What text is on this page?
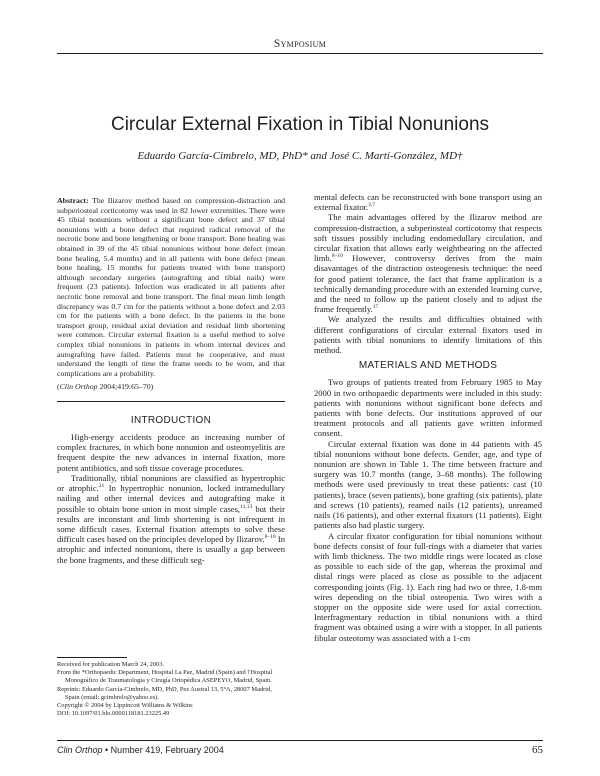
Symposium
Circular External Fixation in Tibial Nonunions
Eduardo García-Cimbrelo, MD, PhD* and José C. Martí-González, MD†

Abstract: The Ilizarov method based on compression-distraction and subperiosteal corticotomy was used in 82 lower extremities. There were 45 tibial nonunions without a significant bone defect and 37 tibial nonunions with a bone defect that required radical removal of the necrotic bone and bone lengthening or bone transport. Bone healing was obtained in 39 of the 45 tibial nonunions without bone defect (mean bone healing, 5.4 months) and in all patients with bone defect (mean bone healing, 15 months for patients treated with bone transport) although secondary surgeries (autografting and tibial nails) were frequent (23 patients). Infection was eradicated in all patients after necrotic bone removal and bone transport. The final mean limb length discrepancy was 0.7 cm for the patients without a bone defect and 2.03 cm for the patients with a bone defect. In the patients in the bone transport group, residual axial deviation and residual limb shortening were common. Circular external fixation is a useful method to solve complex tibial nonunions in patients in whom internal devices and autografting have failed. Patients must be cooperative, and must understand the length of time the frame needs to be worn, and that complications are a probability.

(Clin Orthop 2004;419:65–70)

INTRODUCTION

High-energy accidents produce an increasing number of complex fractures, in which bone nonunion and osteomyelitis are frequent despite the new advances in internal fixation, more potent antibiotics, and soft tissue coverage procedures.

Traditionally, tibial nonunions are classified as hypertrophic or atrophic.$^{21}$ In hypertrophic nonunion, locked intramedullary nailing and other internal devices and autografting make it possible to obtain bone union in most simple cases,$^{11,13}$ but their results are inconstant and limb shortening is not infrequent in some difficult cases. External fixation attempts to solve these difficult cases based on the principles developed by Ilizarov.$^{8-10}$ In atrophic and infected nonunions, there is usually a gap between the bone fragments, and these difficult seg-

mental defects can be reconstructed with bone transport using an external fixator.$^{3,7}$

The main advantages offered by the Ilizarov method are compression-distraction, a subperiosteal corticotomy that respects soft tissues possibly including endomedullary circulation, and circular fixation that allows early weightbearing on the affected limb.$^{8-10}$ However, controversy derives from the main disavantages of the distraction osteogenesis technique: the need for good patient tolerance, the fact that frame application is a technically demanding procedure with an extended learning curve, and the need to follow up the patient closely and to adjust the frame frequently.$^{17}$

We analyzed the results and difficulties obtained with different configurations of circular external fixators used in patients with tibial nonunions to identify limitations of this method.

MATERIALS AND METHODS

Two groups of patients treated from February 1985 to May 2000 in two orthopaedic departments were included in this study: patients with nonunions without significant bone defects and patients with bone defects. Our institutions approved of our treatment protocols and all patients gave written informed consent.

Circular external fixation was done in 44 patients with 45 tibial nonunions without bone defects. Gender, age, and type of nonunion are shown in Table 1. The time between fracture and surgery was 10.7 months (range, 3–68 months). The following methods were used previously to treat these patients: cast (10 patients), brace (seven patients), bone grafting (six patients), plate and screws (10 patients), reamed nails (12 patients), unreamed nails (16 patients), and other external fixators (11 patients). Eight patients also had plastic surgery.

A circular fixator configuration for tibial nonunions without bone defects consist of four full-rings with a diameter that varies with limb thickness. The two middle rings were located as close as possible to each side of the gap, whereas the proximal and distal rings were placed as close as possible to the adjacent corresponding joints (Fig. 1). Each ring had two or three, 1.8-mm wires depending on the tibial osteopenia. Two wires with a stopper on the opposite side were used for axial correction. Interfragmentary reduction in tibial nonunions with a third fragment was obtained using a wire with a stopper. In all patients fibular osteotomy was associated with a 1-cm

Received for publication March 24, 2003.

From the *Orthopaedic Department, Hospital La Paz, Madrid (Spain) and †Hospital Monográfico de Traumatología y Cirugía Ortopédica ASEPEYO, Madrid, Spain.

Reprints: Eduardo García-Cimbrelo, MD, PhD, Pez Austral 13, 5°A, 28007 Madrid, Spain (email: gcimbrelo@yahoo.es).

Copyright © 2004 by Lippincott Williams & Wilkins

DOI: 10.1097/01.blo.0000118181.23225.49

Clin Orthop • Number 419, February 2004	65
